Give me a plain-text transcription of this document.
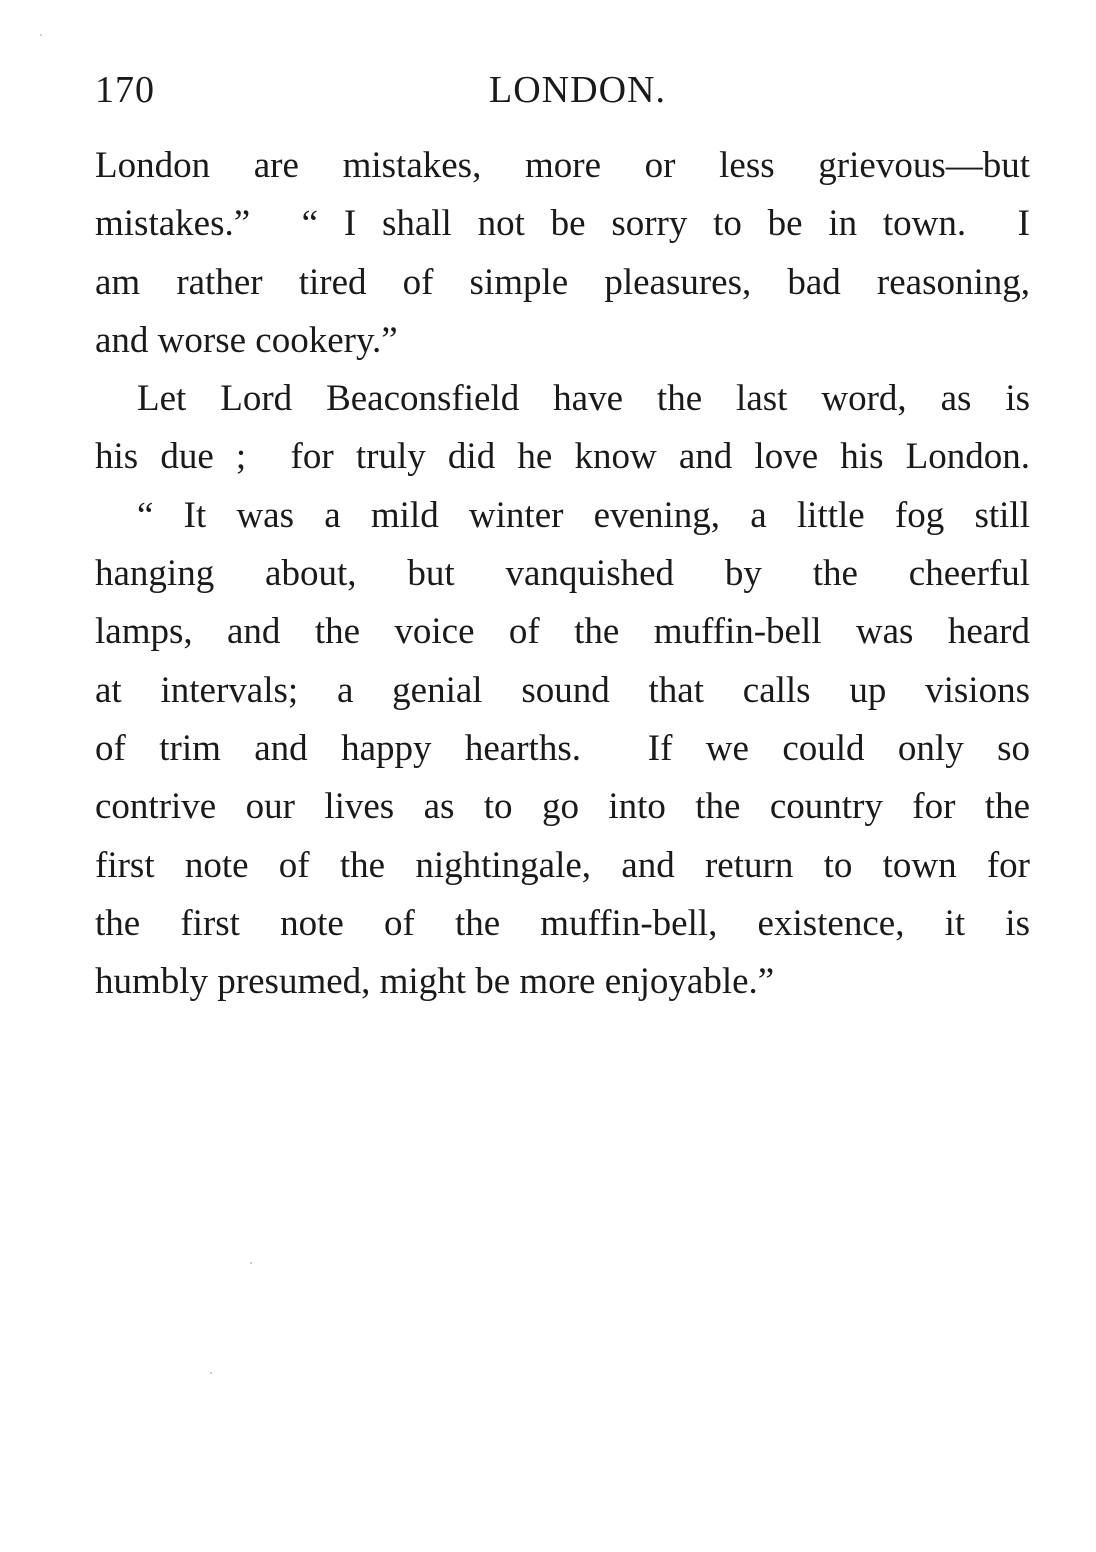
170	LONDON.
London are mistakes, more or less grievous—but
mistakes.”  “ I shall not be sorry to be in town.  I
am rather tired of simple pleasures, bad reasoning,
and worse cookery.”
Let Lord Beaconsfield have the last word, as is
his due ;  for truly did he know and love his London.
“ It was a mild winter evening, a little fog still
hanging about, but vanquished by the cheerful
lamps, and the voice of the muffin-bell was heard
at intervals; a genial sound that calls up visions
of trim and happy hearths.  If we could only so
contrive our lives as to go into the country for the
first note of the nightingale, and return to town for
the first note of the muffin-bell, existence, it is
humbly presumed, might be more enjoyable.”
